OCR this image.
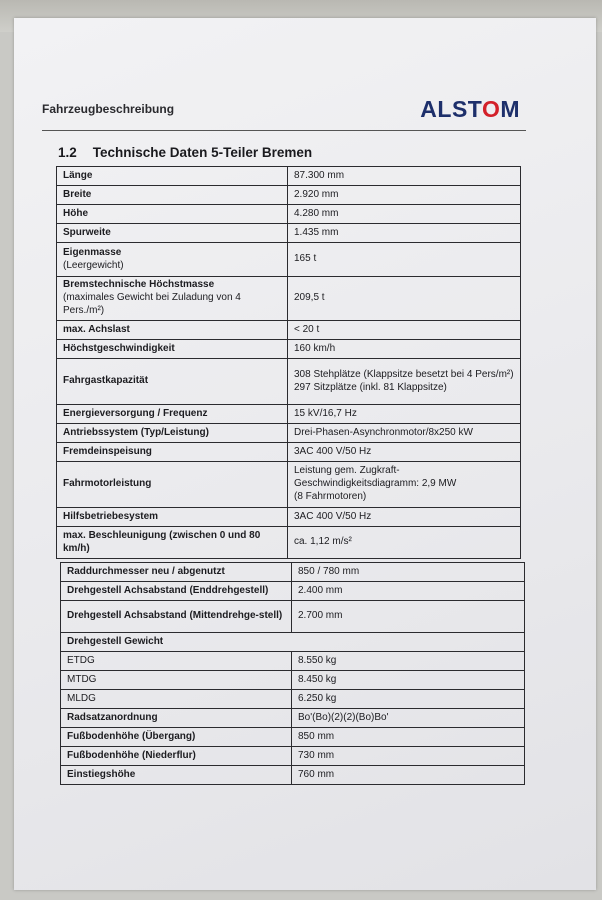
Fahrzeugbeschreibung	ALSTOM
1.2 Technische Daten 5-Teiler Bremen
Länge	87.300 mm
Breite	2.920 mm
Höhe	4.280 mm
Spurweite	1.435 mm

Eigenmasse
(Leergewicht)	165 t

Bremstechnische Höchstmasse
(maximales Gewicht bei Zuladung von 4 Pers./m²)	209,5 t
max. Achslast	< 20 t
Höchstgeschwindigkeit	160 km/h
Fahrgastkapazität	308 Stehplätze (Klappsitze besetzt bei 4 Pers/m²)
297 Sitzplätze (inkl. 81 Klappsitze)

Energieversorgung / Frequenz	15 kV/16,7 Hz
Antriebssystem (Typ/Leistung)	Drei-Phasen-Asynchronmotor/8x250 kW
Fremdeinspeisung	3AC 400 V/50 Hz
Fahrmotorleistung	Leistung gem. Zugkraft-Geschwindigkeitsdiagramm: 2,9 MW
(8 Fahrmotoren)

Hilfsbetriebesystem	3AC 400 V/50 Hz
max. Beschleunigung (zwischen 0 und 80 km/h)	ca. 1,12 m/s²
Raddurchmesser neu / abgenutzt	850 / 780 mm
Drehgestell Achsabstand (Enddrehgestell)	2.400 mm
Drehgestell Achsabstand (Mittendrehge-stell)	2.700 mm
Drehgestell Gewicht	
ETDG	8.550 kg
MTDG	8.450 kg
MLDG	6.250 kg
Radsatzanordnung	Bo'(Bo)(2)(2)(Bo)Bo'
Fußbodenhöhe (Übergang)	850 mm
Fußbodenhöhe (Niederflur)	730 mm
Einstiegshöhe	760 mm
